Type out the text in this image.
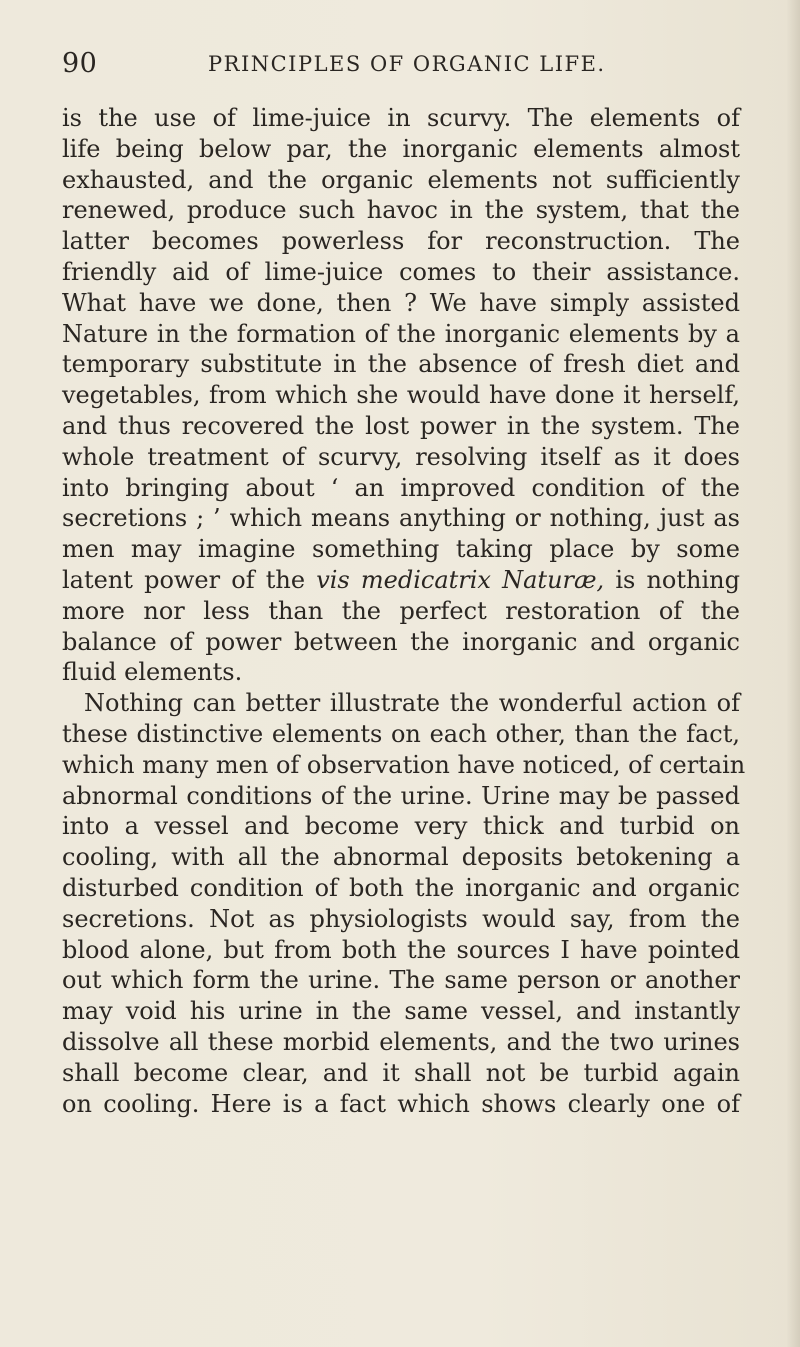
90	PRINCIPLES OF ORGANIC LIFE.
is the use of lime-juice in scurvy. The elements of
life being below par, the inorganic elements almost
exhausted, and the organic elements not sufficiently
renewed, produce such havoc in the system, that the
latter becomes powerless for reconstruction. The
friendly aid of lime-juice comes to their assistance.
What have we done, then ? We have simply assisted
Nature in the formation of the inorganic elements by a
temporary substitute in the absence of fresh diet and
vegetables, from which she would have done it herself,
and thus recovered the lost power in the system. The
whole treatment of scurvy, resolving itself as it does
into bringing about ‘ an improved condition of the
secretions ; ’ which means anything or nothing, just as
men may imagine something taking place by some
latent power of the vis medicatrix Naturæ, is nothing
more nor less than the perfect restoration of the
balance of power between the inorganic and organic
fluid elements.
Nothing can better illustrate the wonderful action of
these distinctive elements on each other, than the fact,
which many men of observation have noticed, of certain
abnormal conditions of the urine. Urine may be passed
into a vessel and become very thick and turbid on
cooling, with all the abnormal deposits betokening a
disturbed condition of both the inorganic and organic
secretions. Not as physiologists would say, from the
blood alone, but from both the sources I have pointed
out which form the urine. The same person or another
may void his urine in the same vessel, and instantly
dissolve all these morbid elements, and the two urines
shall become clear, and it shall not be turbid again
on cooling. Here is a fact which shows clearly one of
